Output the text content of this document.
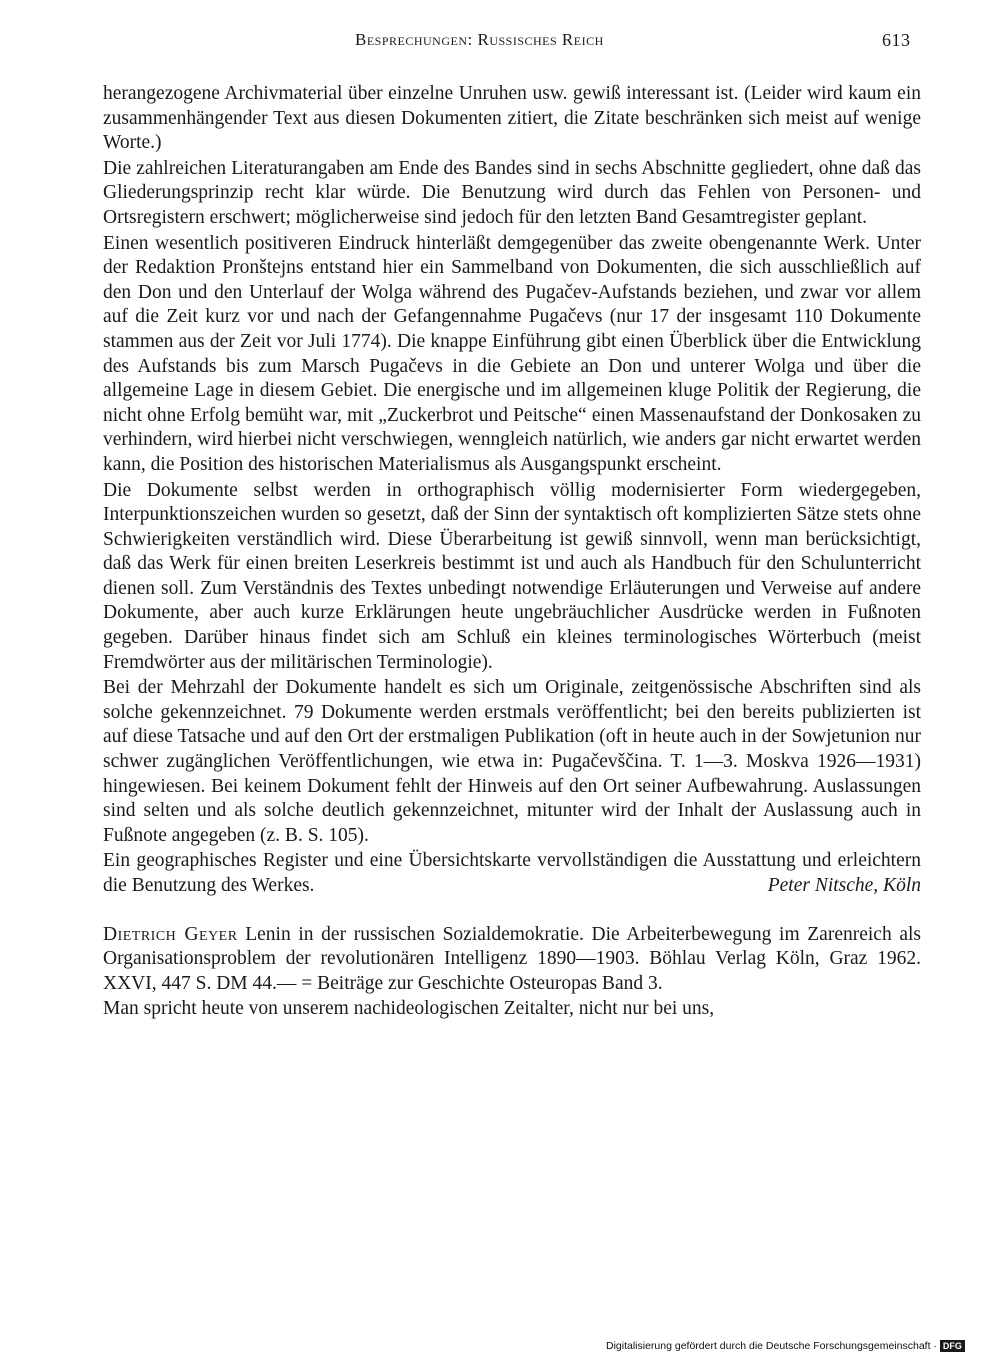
Besprechungen: Russisches Reich	613

herangezogene Archivmaterial über einzelne Unruhen usw. gewiß interessant ist. (Leider wird kaum ein zusammenhängender Text aus diesen Dokumenten zitiert, die Zitate beschränken sich meist auf wenige Worte.)

Die zahlreichen Literaturangaben am Ende des Bandes sind in sechs Abschnitte gegliedert, ohne daß das Gliederungsprinzip recht klar würde. Die Benutzung wird durch das Fehlen von Personen- und Ortsregistern erschwert; möglicherweise sind jedoch für den letzten Band Gesamtregister geplant.

Einen wesentlich positiveren Eindruck hinterläßt demgegenüber das zweite obengenannte Werk. Unter der Redaktion Pronštejns entstand hier ein Sammelband von Dokumenten, die sich ausschließlich auf den Don und den Unterlauf der Wolga während des Pugačev-Aufstands beziehen, und zwar vor allem auf die Zeit kurz vor und nach der Gefangennahme Pugačevs (nur 17 der insgesamt 110 Dokumente stammen aus der Zeit vor Juli 1774). Die knappe Einführung gibt einen Überblick über die Entwicklung des Aufstands bis zum Marsch Pugačevs in die Gebiete an Don und unterer Wolga und über die allgemeine Lage in diesem Gebiet. Die energische und im allgemeinen kluge Politik der Regierung, die nicht ohne Erfolg bemüht war, mit „Zuckerbrot und Peitsche“ einen Massenaufstand der Donkosaken zu verhindern, wird hierbei nicht verschwiegen, wenngleich natürlich, wie anders gar nicht erwartet werden kann, die Position des historischen Materialismus als Ausgangspunkt erscheint.

Die Dokumente selbst werden in orthographisch völlig modernisierter Form wiedergegeben, Interpunktionszeichen wurden so gesetzt, daß der Sinn der syntaktisch oft komplizierten Sätze stets ohne Schwierigkeiten verständlich wird. Diese Überarbeitung ist gewiß sinnvoll, wenn man berücksichtigt, daß das Werk für einen breiten Leserkreis bestimmt ist und auch als Handbuch für den Schulunterricht dienen soll. Zum Verständnis des Textes unbedingt notwendige Erläuterungen und Verweise auf andere Dokumente, aber auch kurze Erklärungen heute ungebräuchlicher Ausdrücke werden in Fußnoten gegeben. Darüber hinaus findet sich am Schluß ein kleines terminologisches Wörterbuch (meist Fremdwörter aus der militärischen Terminologie).

Bei der Mehrzahl der Dokumente handelt es sich um Originale, zeitgenössische Abschriften sind als solche gekennzeichnet. 79 Dokumente werden erstmals veröffentlicht; bei den bereits publizierten ist auf diese Tatsache und auf den Ort der erstmaligen Publikation (oft in heute auch in der Sowjetunion nur schwer zugänglichen Veröffentlichungen, wie etwa in: Pugačevščina. T. 1—3. Moskva 1926—1931) hingewiesen. Bei keinem Dokument fehlt der Hinweis auf den Ort seiner Aufbewahrung. Auslassungen sind selten und als solche deutlich gekennzeichnet, mitunter wird der Inhalt der Auslassung auch in Fußnote angegeben (z. B. S. 105).

Ein geographisches Register und eine Übersichtskarte vervollständigen die Ausstattung und erleichtern die Benutzung des Werkes.	Peter Nitsche, Köln

Dietrich Geyer Lenin in der russischen Sozialdemokratie. Die Arbeiterbewegung im Zarenreich als Organisationsproblem der revolutionären Intelligenz 1890—1903. Böhlau Verlag Köln, Graz 1962. XXVI, 447 S. DM 44.— = Beiträge zur Geschichte Osteuropas Band 3.

Man spricht heute von unserem nachideologischen Zeitalter, nicht nur bei uns,

Digitalisierung gefördert durch die Deutsche Forschungsgemeinschaft · DFG
